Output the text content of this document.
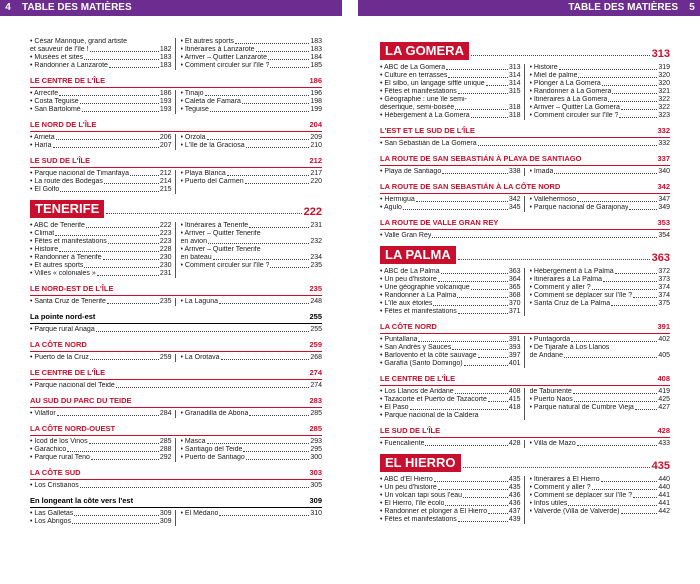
4 TABLE DES MATIÈRES	TABLE DES MATIÈRES	5
• César Manrique, grand artiste
et sauveur de l'île !	182
• Musées et sites	183
• Randonner à Lanzarote	183
• Et autres sports	183
• Itinéraires à Lanzarote	183
• Arriver – Quitter Lanzarote	184
• Comment circuler sur l'île ?	185
LE CENTRE DE L'ÎLE	186
• Arrecife	186
• Costa Teguise	193
• San Bartolomé	193
• Tinajo	196
• Caleta de Famara	198
• Teguise	199
LE NORD DE L'ÎLE	204
• Arrieta	206
• Haría	207
• Órzola	209
• L'île de la Graciosa	210
LE SUD DE L'ÎLE	212
• Parque nacional de Timanfaya	212
• La route des Bodegas	214
• El Golfo	215
• Playa Blanca	217
• Puerto del Carmen	220
TENERIFE	222
• ABC de Tenerife	222
• Climat	223
• Fêtes et manifestations	223
• Histoire	228
• Randonner à Tenerife	230
• Et autres sports	230
• Villes « coloniales »	231
• Itinéraires à Tenerife	231
• Arriver – Quitter Tenerife
en avion	232
• Arriver – Quitter Tenerife
en bateau	234
• Comment circuler sur l'île ?	235
LE NORD-EST DE L'ÎLE	235
• Santa Cruz de Tenerife	235 • La Laguna	248
La pointe nord-est	255
• Parque rural Anaga	255
LA CÔTE NORD	259
• Puerto de la Cruz	259 • La Orotava	268
LE CENTRE DE L'ÎLE	274
• Parque nacional del Teide	274
AU SUD DU PARC DU TEIDE	283
• Vilaflor	284 • Granadilla de Abona	285
LA CÔTE NORD-OUEST	285
• Icod de los Vinos	285
• Garachico	288
• Parque rural Teno	292
• Masca	293
• Santiago del Teide	295
• Puerto de Santiago	300
LA CÔTE SUD	303
• Los Cristianos	305
En longeant la côte vers l'est	309
• Las Galletas	309
• Los Abrigos	309
• El Médano	310
LA GOMERA	313
• ABC de La Gomera	313
• Culture en terrasses	314
• El silbo, un langage sifflé unique	314
• Fêtes et manifestations	315
• Géographie : une île semi-
désertique, semi-boisée	318
• Hébergement à La Gomera	318
• Histoire	319
• Miel de palme	320
• Plonger à La Gomera	320
• Randonner à La Gomera	321
• Itinéraires à La Gomera	322
• Arriver – Quitter La Gomera	322
• Comment circuler sur l'île ?	323
L'EST ET LE SUD DE L'ÎLE	332
• San Sebastián de La Gomera	332
LA ROUTE DE SAN SEBASTIÁN À PLAYA DE SANTIAGO	337
• Playa de Santiago	338 • Imada	340
LA ROUTE DE SAN SEBASTIÁN À LA CÔTE NORD	342
• Hermigua	342
• Agulo	345
• Vallehermoso	347
• Parque nacional de Garajonay	349
LA ROUTE DE VALLE GRAN REY	353
• Valle Gran Rey	354
LA PALMA	363
• ABC de La Palma	363
• Un peu d'histoire	364
• Une géographie volcanique	365
• Randonner à La Palma	368
• L'île aux étoiles	370
• Fêtes et manifestations	371
• Hébergement à La Palma	372
• Itinéraires à La Palma	373
• Comment y aller ?	374
• Comment se déplacer sur l'île ?	374
• Santa Cruz de La Palma	375
LA CÔTE NORD	391
• Puntallana	391
• San Andrés y Sauces	393
• Barlovento et la côte sauvage	397
• Garafía (Santo Domingo)	401
• Puntagorda	402
• De Tijarafe à Los Llanos
de Aridane	405
LE CENTRE DE L'ÎLE	408
• Los Llanos de Aridane	408
• Tazacorte et Puerto de Tazacorte	415
• El Paso	418
• Parque nacional de la Caldera
de Taburiente	419
• Puerto Naos	425
• Parque natural de Cumbre Vieja	427
LE SUD DE L'ÎLE	428
• Fuencaliente	428 • Villa de Mazo	433
EL HIERRO	435
• ABC d'El Hierro	435
• Un peu d'histoire	435
• Un volcan tapi sous l'eau	436
• El Hierro, l'île écolo	436
• Randonner et plonger à El Hierro	437
• Fêtes et manifestations	439
• Itinéraires à El Hierro	440
• Comment y aller ?	440
• Comment se déplacer sur l'île ?	441
• Infos utiles	441
• Valverde (Villa de Valverde)	442
